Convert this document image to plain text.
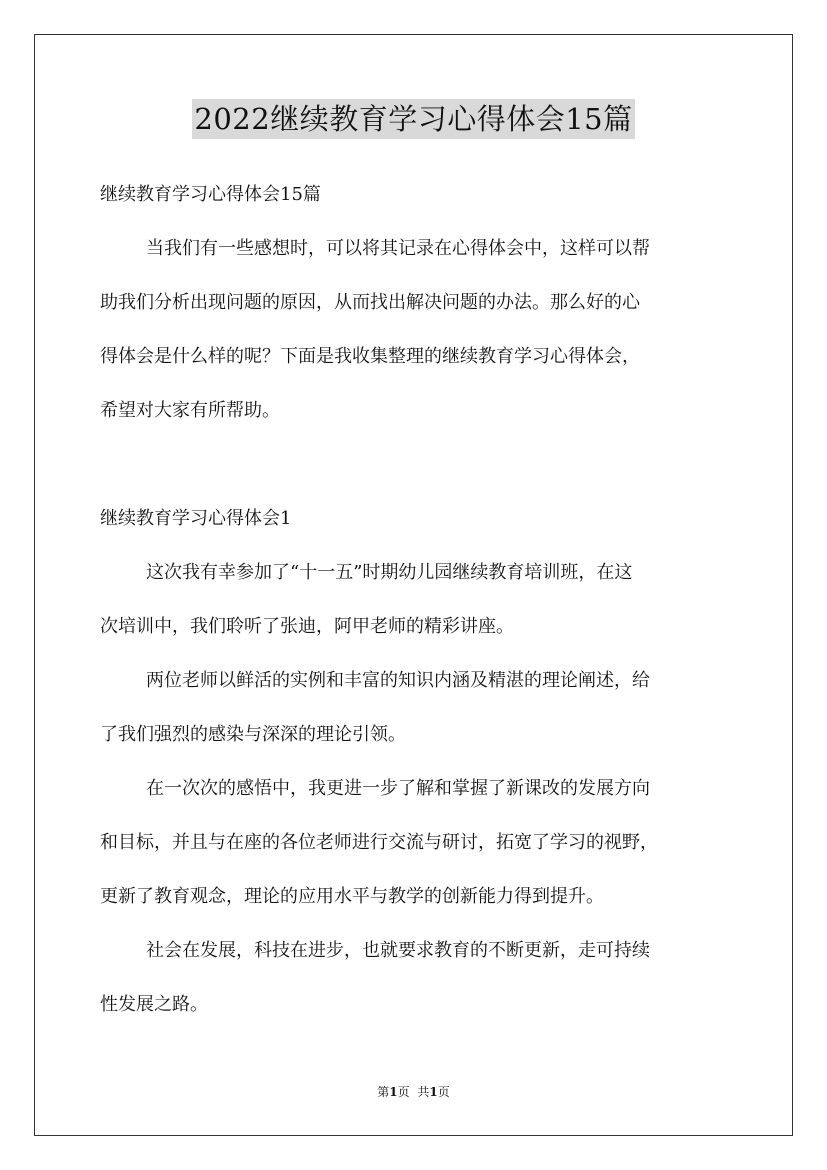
2022继续教育学习心得体会15篇
继续教育学习心得体会15篇
当我们有一些感想时，可以将其记录在心得体会中，这样可以帮
助我们分析出现问题的原因，从而找出解决问题的办法。那么好的心
得体会是什么样的呢？下面是我收集整理的继续教育学习心得体会，
希望对大家有所帮助。
继续教育学习心得体会1
这次我有幸参加了“十一五”时期幼儿园继续教育培训班，在这
次培训中，我们聆听了张迪，阿甲老师的精彩讲座。
两位老师以鲜活的实例和丰富的知识内涵及精湛的理论阐述，给
了我们强烈的感染与深深的理论引领。
在一次次的感悟中，我更进一步了解和掌握了新课改的发展方向
和目标，并且与在座的各位老师进行交流与研讨，拓宽了学习的视野，
更新了教育观念，理论的应用水平与教学的创新能力得到提升。
社会在发展，科技在进步，也就要求教育的不断更新，走可持续
性发展之路。
第1页 共1页
